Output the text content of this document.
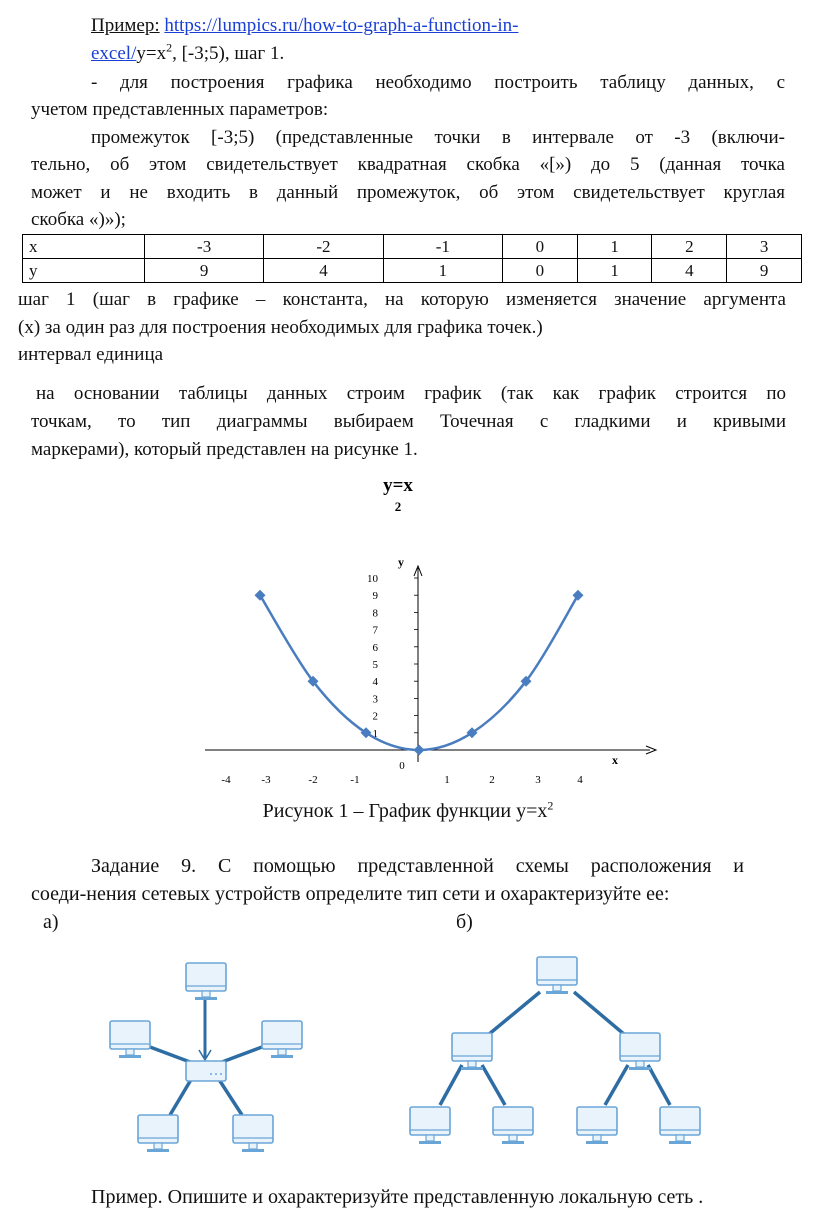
Пример: https://lumpics.ru/how-to-graph-a-function-in-
excel/$y=x^2$, [-3;5), шаг 1.
- для построения графика необходимо построить таблицу данных, с
учетом представленных параметров:
промежуток [-3;5) (представленные точки в интервале от -3 (включи-
тельно, об этом свидетельствует квадратная скобка «[») до 5 (данная точка
может и не входить в данный промежуток, об этом свидетельствует круглая
скобка «)»);
x	-3	-2	-1	0	1	2	3
y	9	4	1	0	1	4	9
шаг 1 (шаг в графике – константа, на которую изменяется значение аргумента
(x) за один раз для построения необходимых для графика точек.)
интервал единица
на основании таблицы данных строим график (так как график строится по
точкам, то тип диаграммы выбираем Точечная с гладкими и кривыми
маркерами), который представлен на рисунке 1.
y=x
2
1
2
3
4
5
6
7
8
9
10
-4	-3	-2	-1
0
1	2	3	4
x
y
Рисунок 1 – График функции $y=x^2$
Задание 9. С помощью представленной схемы расположения и
соеди-нения сетевых устройств определите тип сети и охарактеризуйте ее:
а)	б)
Пример. Опишите и охарактеризуйте представленную локальную сеть .
